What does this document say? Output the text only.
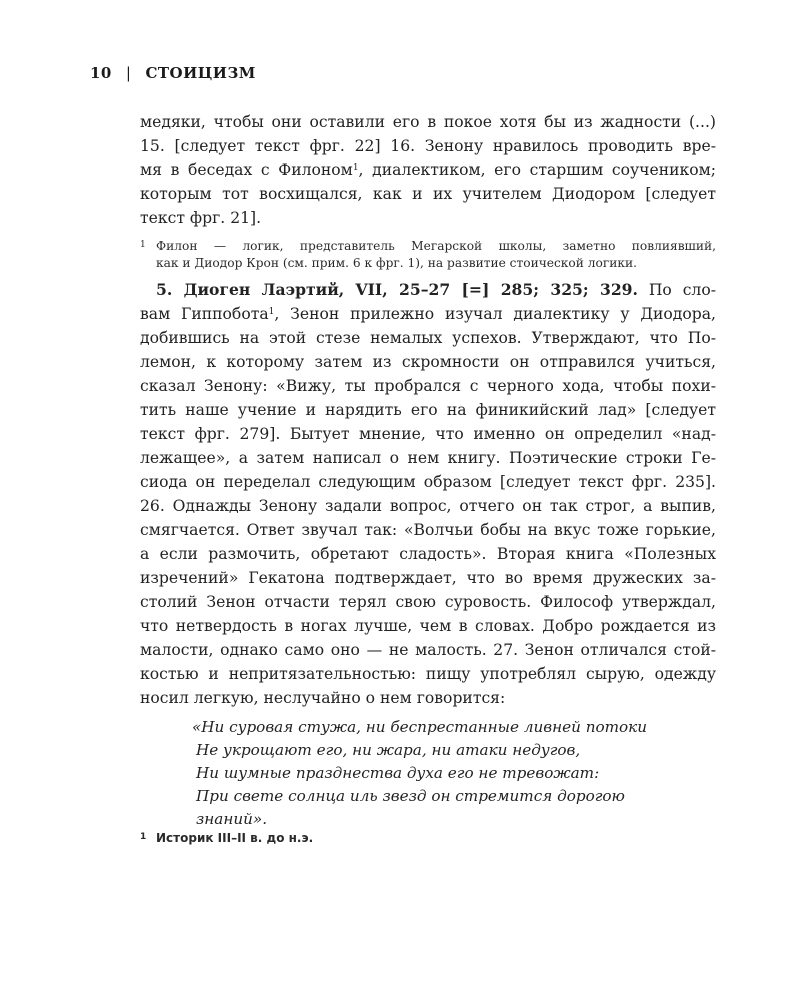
10 | СТОИЦИЗМ
медяки, чтобы они оставили его в покое хотя бы из жадности (...)
15. [следует текст фрг. 22] 16. Зенону нравилось проводить вре-
мя в беседах с Филоном$^1$, диалектиком, его старшим соучеником;
которым тот восхищался, как и их учителем Диодором [следует
текст фрг. 21].
1 Филон — логик, представитель Мегарской школы, заметно повлиявший,
как и Диодор Крон (см. прим. 6 к фрг. 1), на развитие стоической логики.
5. Диоген Лаэртий, VII, 25–27 [=] 285; 325; 329. По сло-
вам Гиппобота$^1$, Зенон прилежно изучал диалектику у Диодора,
добившись на этой стезе немалых успехов. Утверждают, что По-
лемон, к которому затем из скромности он отправился учиться,
сказал Зенону: «Вижу, ты пробрался с черного хода, чтобы похи-
тить наше учение и нарядить его на финикийский лад» [следует
текст фрг. 279]. Бытует мнение, что именно он определил «над-
лежащее», а затем написал о нем книгу. Поэтические строки Ге-
сиода он переделал следующим образом [следует текст фрг. 235].
26. Однажды Зенону задали вопрос, отчего он так строг, а выпив,
смягчается. Ответ звучал так: «Волчьи бобы на вкус тоже горькие,
а если размочить, обретают сладость». Вторая книга «Полезных
изречений» Гекатона подтверждает, что во время дружеских за-
столий Зенон отчасти терял свою суровость. Философ утверждал,
что нетвердость в ногах лучше, чем в словах. Добро рождается из
малости, однако само оно — не малость. 27. Зенон отличался стой-
костью и непритязательностью: пищу употреблял сырую, одежду
носил легкую, неслучайно о нем говорится:
«Ни суровая стужа, ни беспрестанные ливней потоки
Не укрощают его, ни жара, ни атаки недугов,
Ни шумные празднества духа его не тревожат:
При свете солнца иль звезд он стремится дорогою
знаний».
1 Историк III–II в. до н.э.
